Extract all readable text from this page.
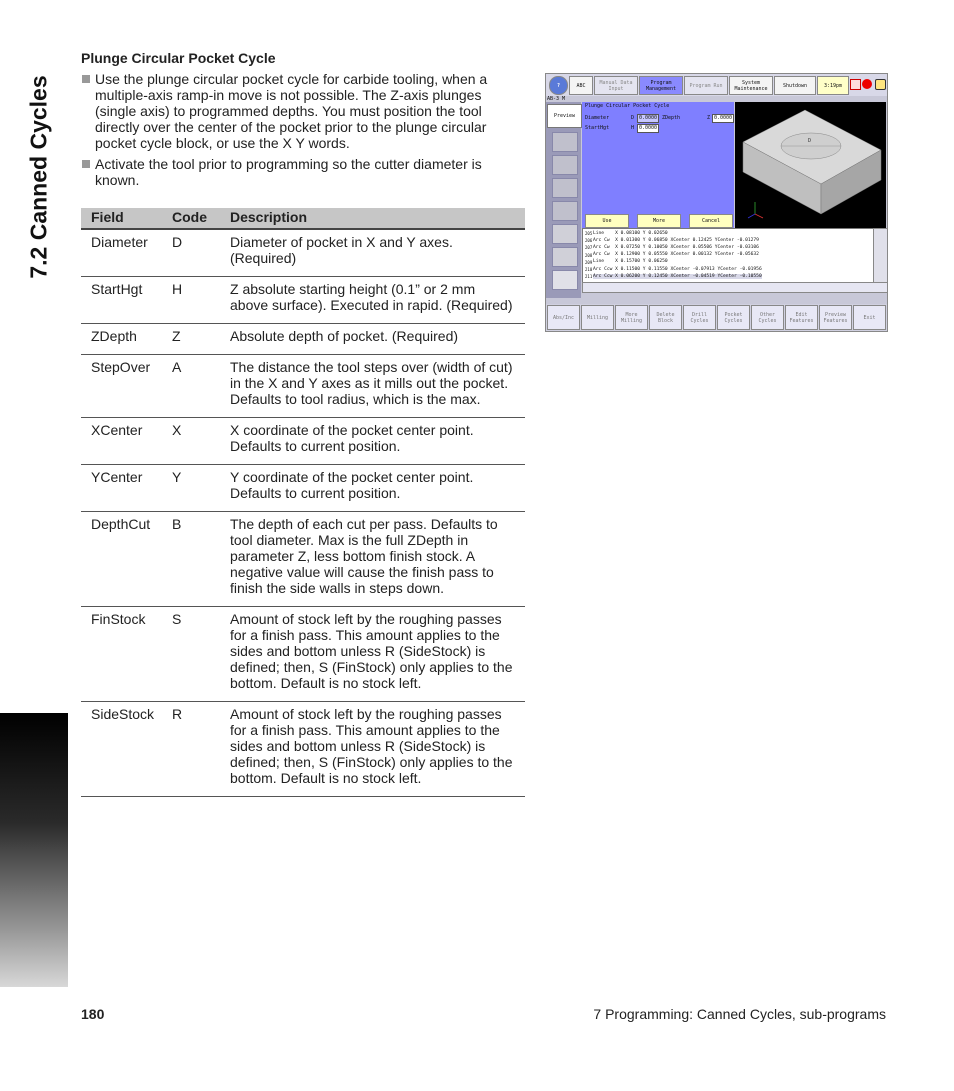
7.2 Canned Cycles
Plunge Circular Pocket Cycle
Use the plunge circular pocket cycle for carbide tooling, when a multiple-axis ramp-in move is not possible. The Z-axis plunges (single axis) to programmed depths. You must position the tool directly over the center of the pocket prior to the plunge circular pocket cycle block, or use the X Y words.
Activate the tool prior to programming so the cutter diameter is known.
Field	Code	Description
Diameter	D	Diameter of pocket in X and Y axes. (Required)
StartHgt	H	Z absolute starting height (0.1” or 2 mm above surface). Executed in rapid. (Required)
ZDepth	Z	Absolute depth of pocket. (Required)
StepOver	A	The distance the tool steps over (width of cut) in the X and Y axes as it mills out the pocket. Defaults to tool radius, which is the max.
XCenter	X	X coordinate of the pocket center point. Defaults to current position.
YCenter	Y	Y coordinate of the pocket center point. Defaults to current position.
DepthCut	B	The depth of each cut per pass. Defaults to tool diameter. Max is the full ZDepth in parameter Z, less bottom finish stock. A negative value will cause the finish pass to finish the side walls in steps down.
FinStock	S	Amount of stock left by the roughing passes for a finish pass. This amount applies to the sides and bottom unless R (SideStock) is defined; then, S (FinStock) only applies to the bottom. Default is no stock left.
SideStock	R	Amount of stock left by the roughing passes for a finish pass. This amount applies to the sides and bottom unless R (SideStock) is defined; then, S (FinStock) only applies to the bottom. Default is no stock left.
180	7 Programming: Canned Cycles, sub-programs
?	ABC	Manual Data Input
Program Management	Program Run	System Maintenance	Shutdown	3:19pm
AB-3 M
Preview
Plunge Circular Pocket Cycle
Diameter	D 0.0000 ZDepth	Z 0.0000
StartHgt	H 0.0000
Use	More	Cancel
D
205 Line    X 0.08100 Y 0.02650
206 Arc Cw  X 0.01300 Y 0.06850 XCenter 0.12425 YCenter -0.01279
207 Arc Cw  X 0.07250 Y 0.10050 XCenter 0.05506 YCenter -0.03106
208 Arc Cw  X 0.12900 Y 0.05550 XCenter 0.00132 YCenter -0.05632
209 Line    X 0.15700 Y 0.06250
210 Arc Ccw X 0.11500 Y 0.11550 XCenter -0.07913 YCenter -0.01956
211 Arc Ccw X 0.06200 Y 0.12450 XCenter -0.04519 YCenter -0.10550
Abs/Inc	Milling	More Milling
Delete Block
Drill Cycles
Pocket Cycles
Other Cycles
Edit Features
Preview Features	Exit
